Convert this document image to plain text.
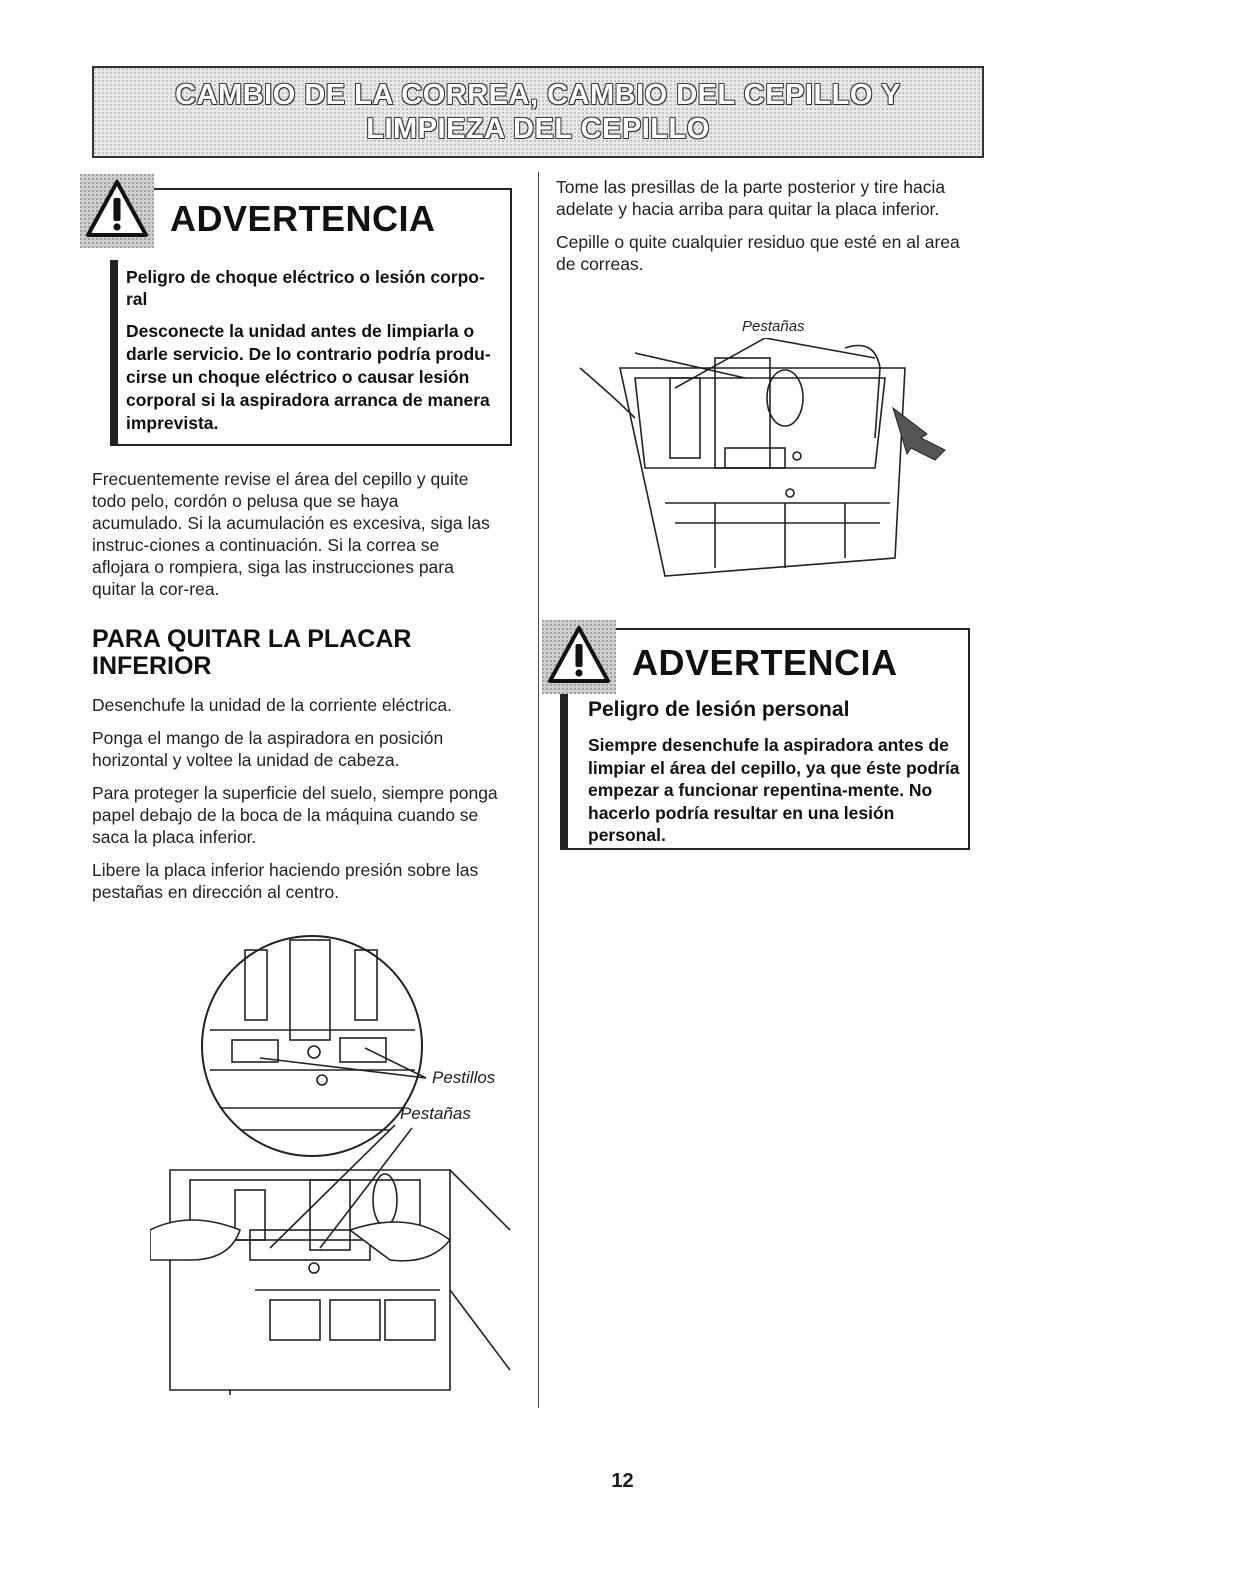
CAMBIO DE LA CORREA, CAMBIO DEL CEPILLO Y
LIMPIEZA DEL CEPILLO
ADVERTENCIA
Peligro de choque eléctrico o lesión corpo-ral
Desconecte la unidad antes de limpiarla o darle servicio. De lo contrario podría produ-cirse un choque eléctrico o causar lesión corporal si la aspiradora arranca de manera imprevista.

Frecuentemente revise el área del cepillo y quite todo pelo, cordón o pelusa que se haya acumulado. Si la acumulación es excesiva, siga las instruc-ciones a continuación. Si la correa se aflojara o rompiera, siga las instrucciones para quitar la cor-rea.

PARA QUITAR LA PLACAR
INFERIOR

Desenchufe la unidad de la corriente eléctrica.

Ponga el mango de la aspiradora en posición horizontal y voltee la unidad de cabeza.

Para proteger la superficie del suelo, siempre ponga papel debajo de la boca de la máquina cuando se saca la placa inferior.

Libere la placa inferior haciendo presión sobre las pestañas en dirección al centro.

Pestillos
Pestañas

Tome las presillas de la parte posterior y tire hacia adelate y hacia arriba para quitar la placa inferior.

Cepille o quite cualquier residuo que esté en al area de correas.

Pestañas
ADVERTENCIA
Peligro de lesión personal
Siempre desenchufe la aspiradora antes de limpiar el área del cepillo, ya que éste podría empezar a funcionar repentina-mente. No hacerlo podría resultar en una lesión personal.
12
